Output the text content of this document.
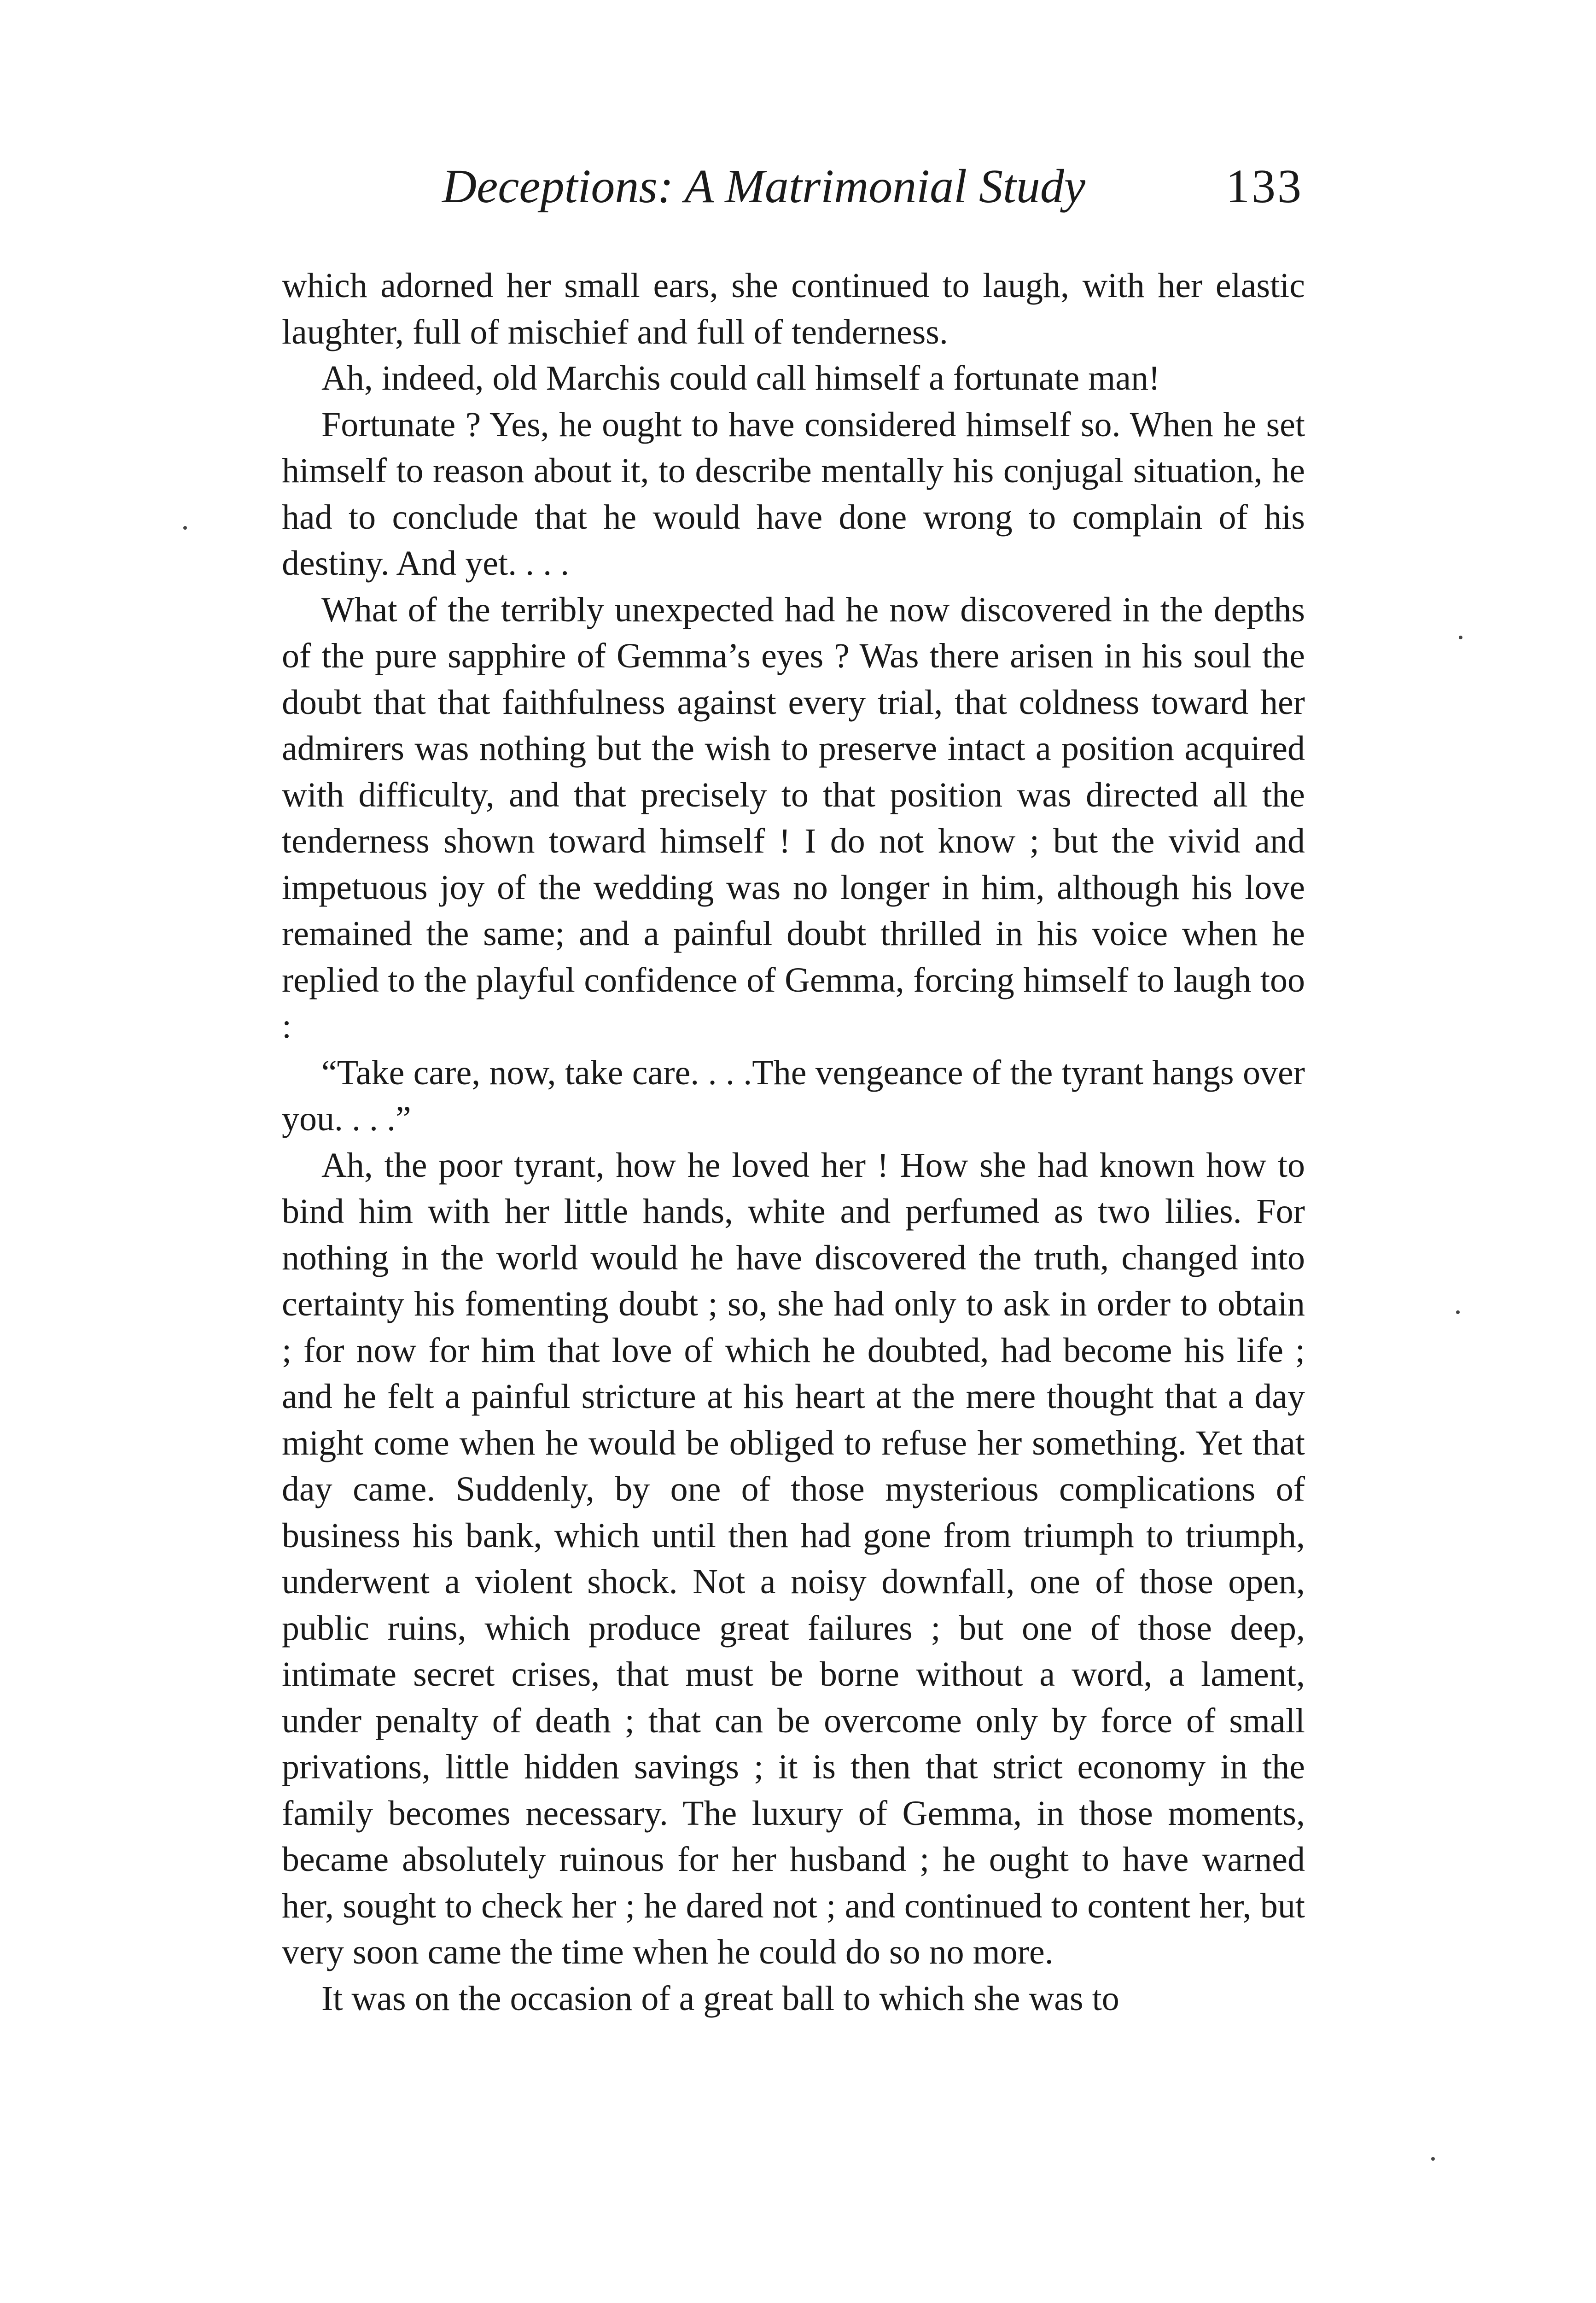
Deceptions: A Matrimonial Study	133

which adorned her small ears, she continued to laugh, with her elastic laughter, full of mischief and full of tenderness.

Ah, indeed, old Marchis could call himself a fortunate man!

Fortunate ? Yes, he ought to have considered himself so. When he set himself to reason about it, to describe mentally his conjugal situation, he had to conclude that he would have done wrong to complain of his destiny. And yet. . . .

What of the terribly unexpected had he now discovered in the depths of the pure sapphire of Gemma’s eyes ? Was there arisen in his soul the doubt that that faithfulness against every trial, that coldness toward her admirers was nothing but the wish to preserve intact a position acquired with difficulty, and that precisely to that position was directed all the tenderness shown toward himself ! I do not know ; but the vivid and impetuous joy of the wedding was no longer in him, although his love remained the same; and a painful doubt thrilled in his voice when he replied to the playful confidence of Gemma, forcing himself to laugh too :

“Take care, now, take care. . . .The vengeance of the tyrant hangs over you. . . .”

Ah, the poor tyrant, how he loved her ! How she had known how to bind him with her little hands, white and perfumed as two lilies. For nothing in the world would he have discovered the truth, changed into certainty his fomenting doubt ; so, she had only to ask in order to obtain ; for now for him that love of which he doubted, had become his life ; and he felt a painful stricture at his heart at the mere thought that a day might come when he would be obliged to refuse her something. Yet that day came. Suddenly, by one of those mysterious complications of business his bank, which until then had gone from triumph to triumph, underwent a violent shock. Not a noisy downfall, one of those open, public ruins, which produce great failures ; but one of those deep, intimate secret crises, that must be borne without a word, a lament, under penalty of death ; that can be overcome only by force of small privations, little hidden savings ; it is then that strict economy in the family becomes necessary. The luxury of Gemma, in those moments, became absolutely ruinous for her husband ; he ought to have warned her, sought to check her ; he dared not ; and continued to content her, but very soon came the time when he could do so no more.

It was on the occasion of a great ball to which she was to
